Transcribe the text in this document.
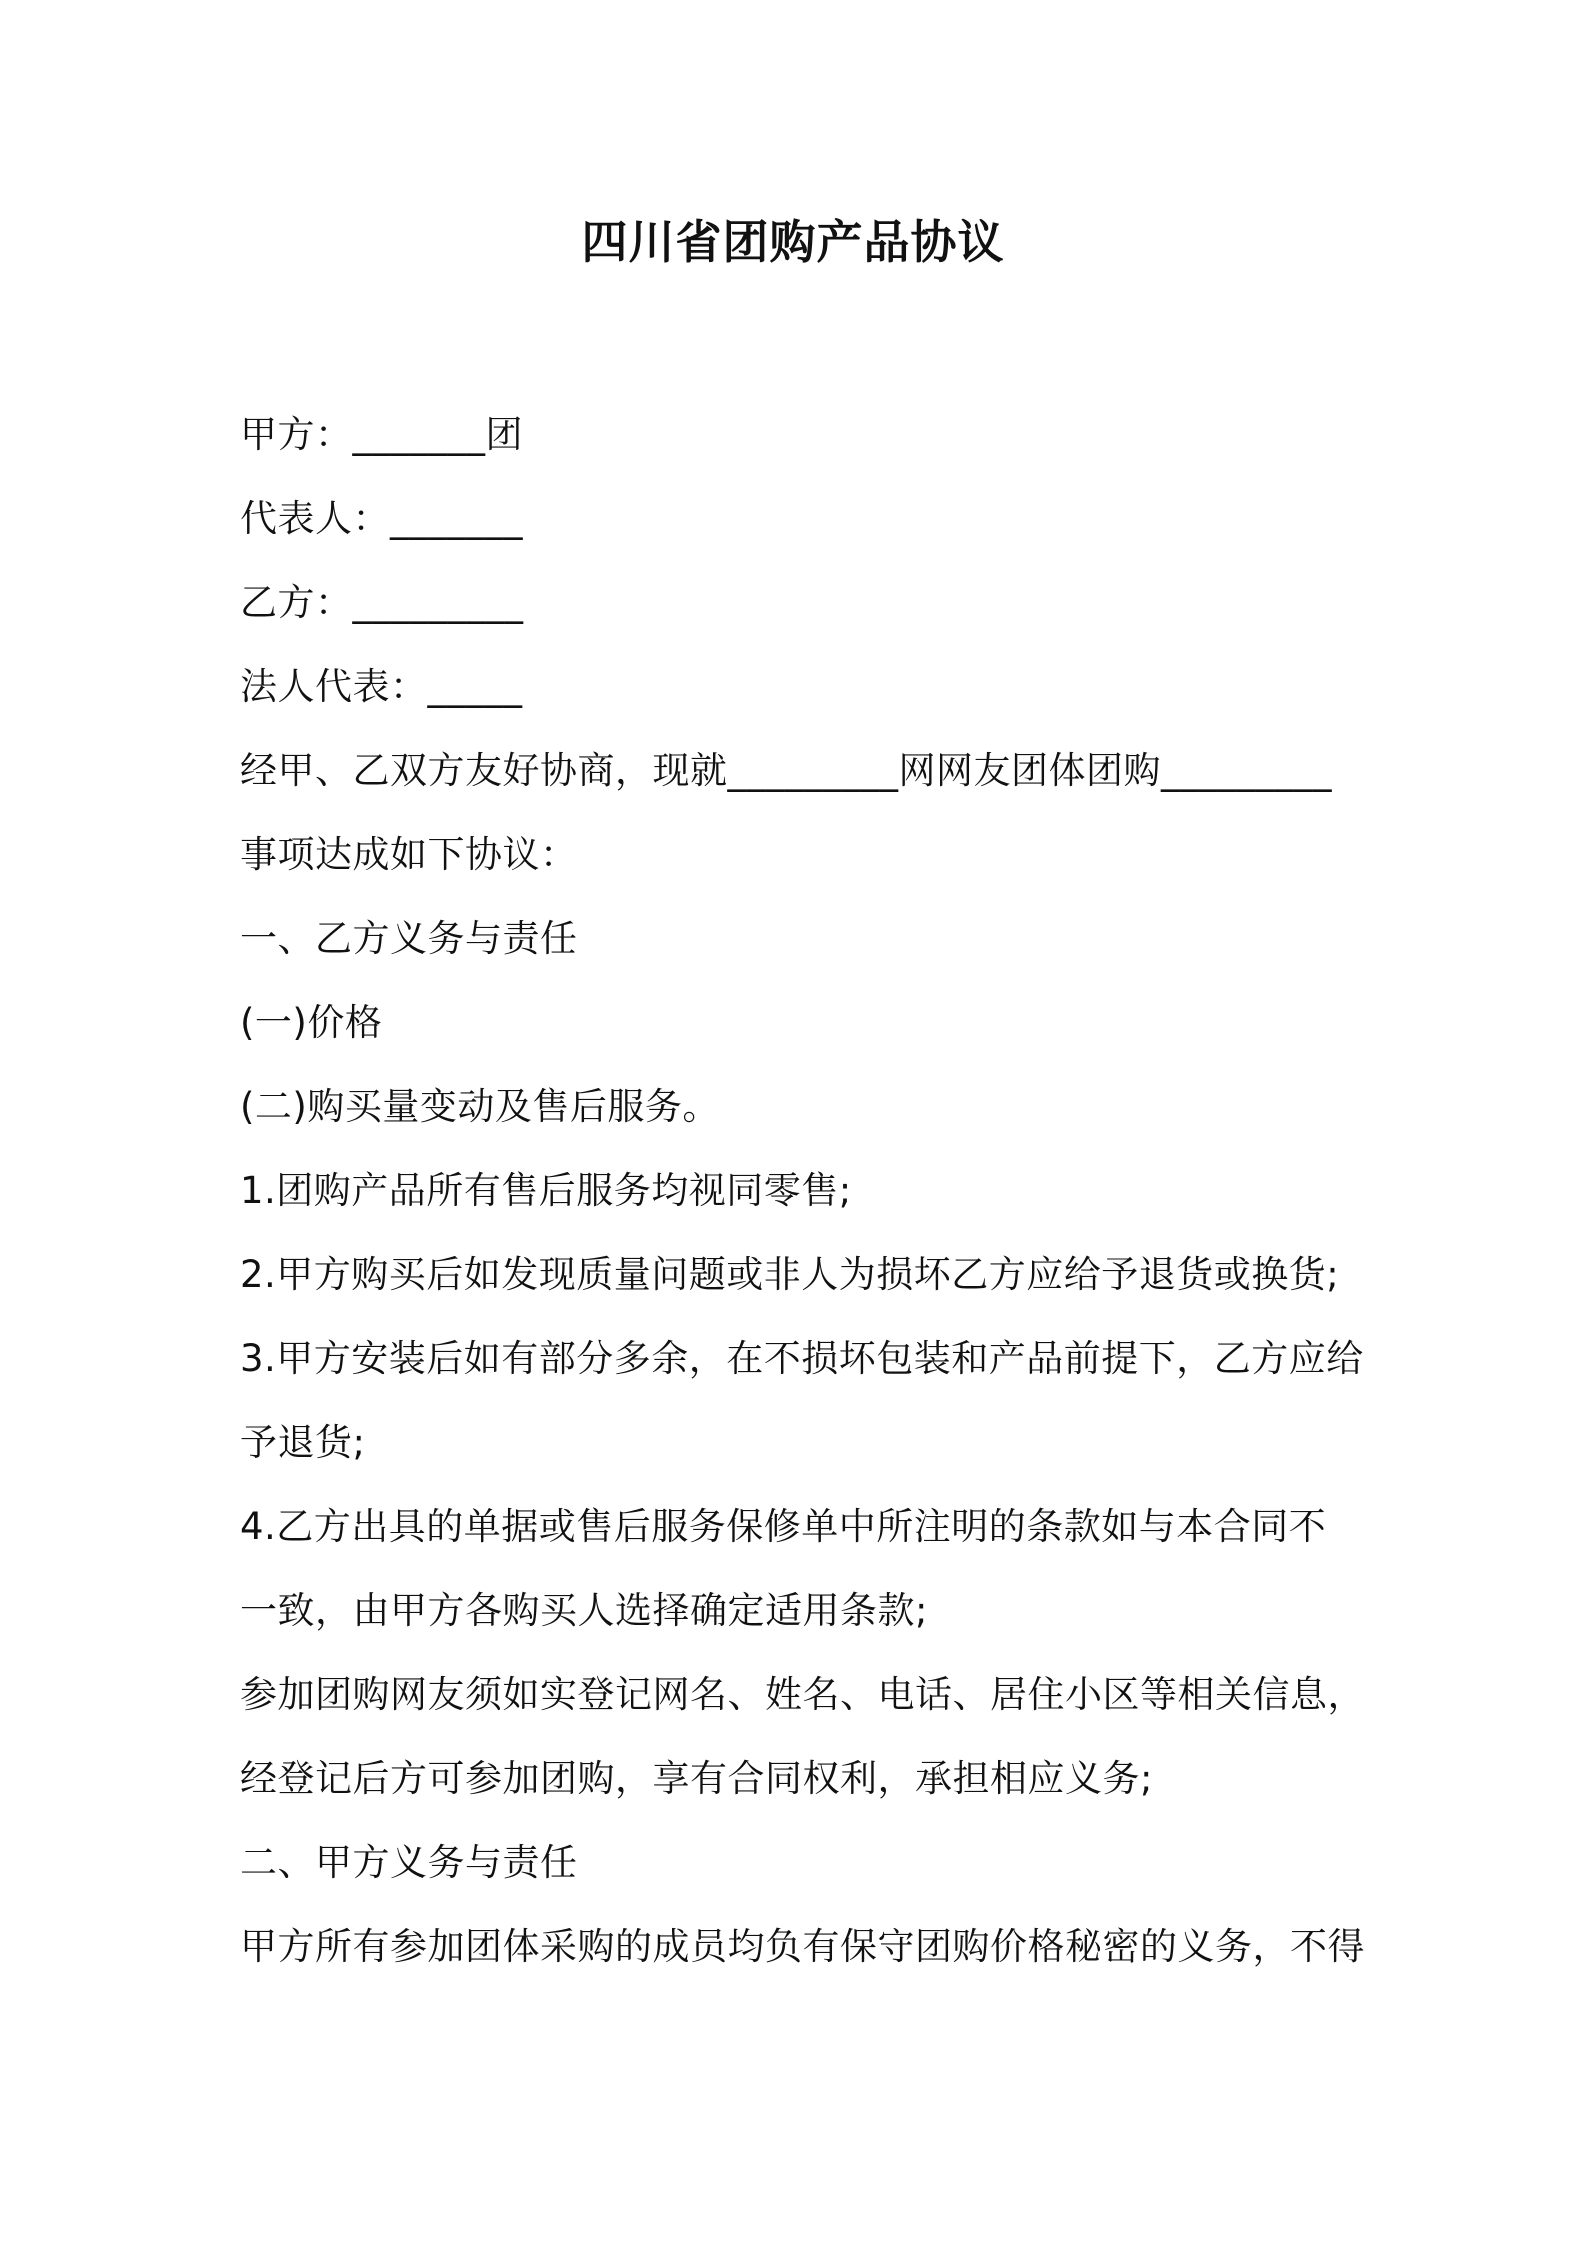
四川省团购产品协议
甲方：_______团
代表人：_______
乙方：_________
法人代表：_____
经甲、乙双方友好协商，现就_________网网友团体团购_________
事项达成如下协议：
一、乙方义务与责任
(一)价格
(二)购买量变动及售后服务。
1.团购产品所有售后服务均视同零售;
2.甲方购买后如发现质量问题或非人为损坏乙方应给予退货或换货;
3.甲方安装后如有部分多余，在不损坏包装和产品前提下，乙方应给
予退货;
4.乙方出具的单据或售后服务保修单中所注明的条款如与本合同不
一致，由甲方各购买人选择确定适用条款;
参加团购网友须如实登记网名、姓名、电话、居住小区等相关信息，
经登记后方可参加团购，享有合同权利，承担相应义务;
二、甲方义务与责任
甲方所有参加团体采购的成员均负有保守团购价格秘密的义务，不得
